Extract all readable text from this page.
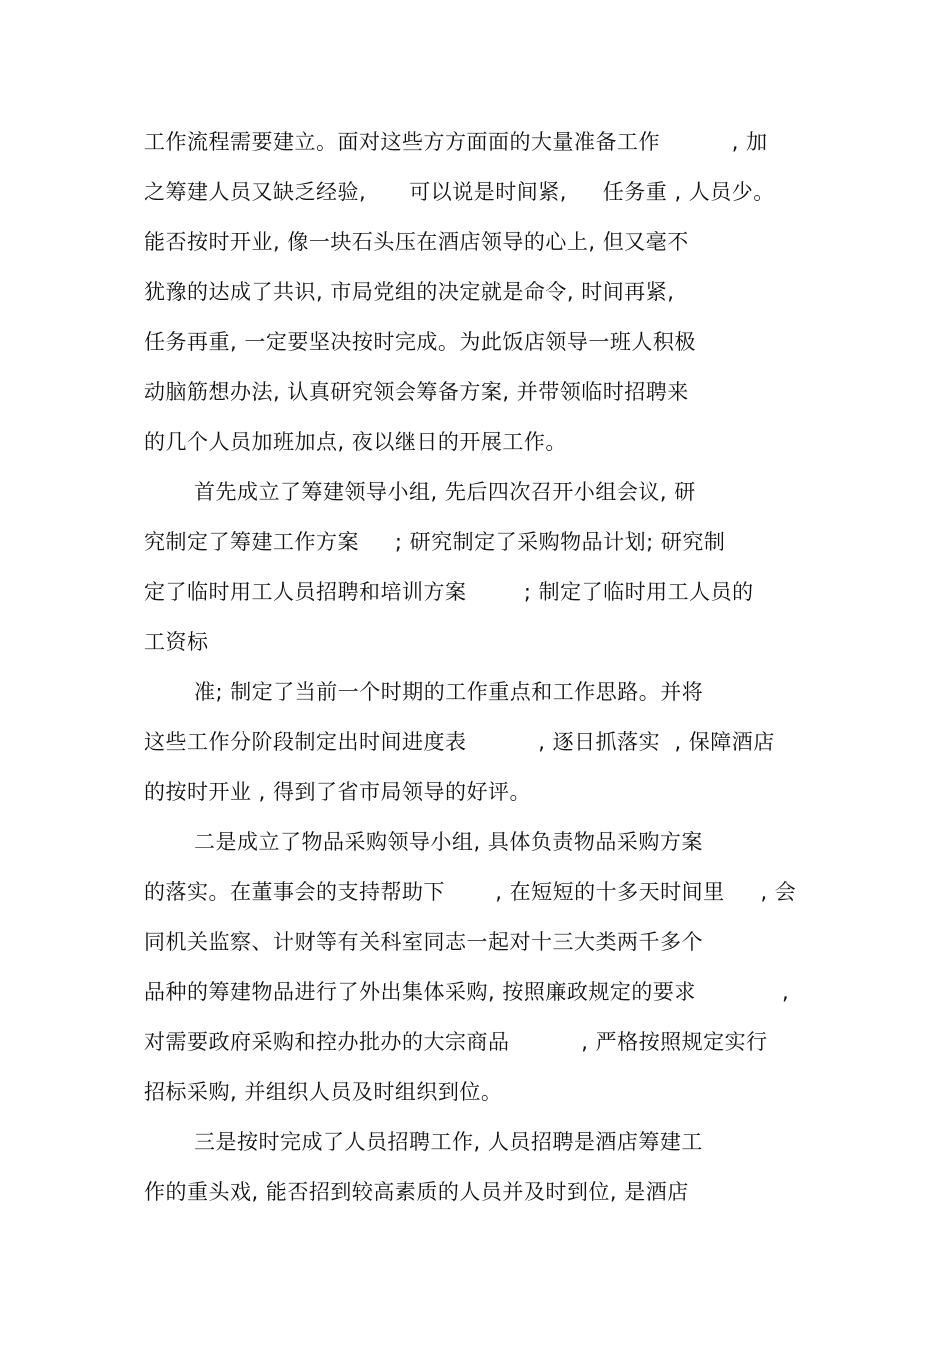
工作流程需要建立。面对这些方方面面的大量准备工作          , 加
之筹建人员又缺乏经验,      可以说是时间紧,     任务重 , 人员少。
能否按时开业, 像一块石头压在酒店领导的心上, 但又毫不
犹豫的达成了共识, 市局党组的决定就是命令, 时间再紧,
任务再重, 一定要坚决按时完成。为此饭店领导一班人积极
动脑筋想办法, 认真研究领会筹备方案, 并带领临时招聘来
的几个人员加班加点, 夜以继日的开展工作。
首先成立了筹建领导小组, 先后四次召开小组会议, 研
究制定了筹建工作方案     ; 研究制定了采购物品计划; 研究制
定了临时用工人员招聘和培训方案        ; 制定了临时用工人员的
工资标
准; 制定了当前一个时期的工作重点和工作思路。并将
这些工作分阶段制定出时间进度表          , 逐日抓落实  , 保障酒店
的按时开业 , 得到了省市局领导的好评。
二是成立了物品采购领导小组, 具体负责物品采购方案
的落实。在董事会的支持帮助下       , 在短短的十多天时间里     , 会
同机关监察、计财等有关科室同志一起对十三大类两千多个
品种的筹建物品进行了外出集体采购, 按照廉政规定的要求            ,
对需要政府采购和控办批办的大宗商品          , 严格按照规定实行
招标采购, 并组织人员及时组织到位。
三是按时完成了人员招聘工作, 人员招聘是酒店筹建工
作的重头戏, 能否招到较高素质的人员并及时到位, 是酒店
